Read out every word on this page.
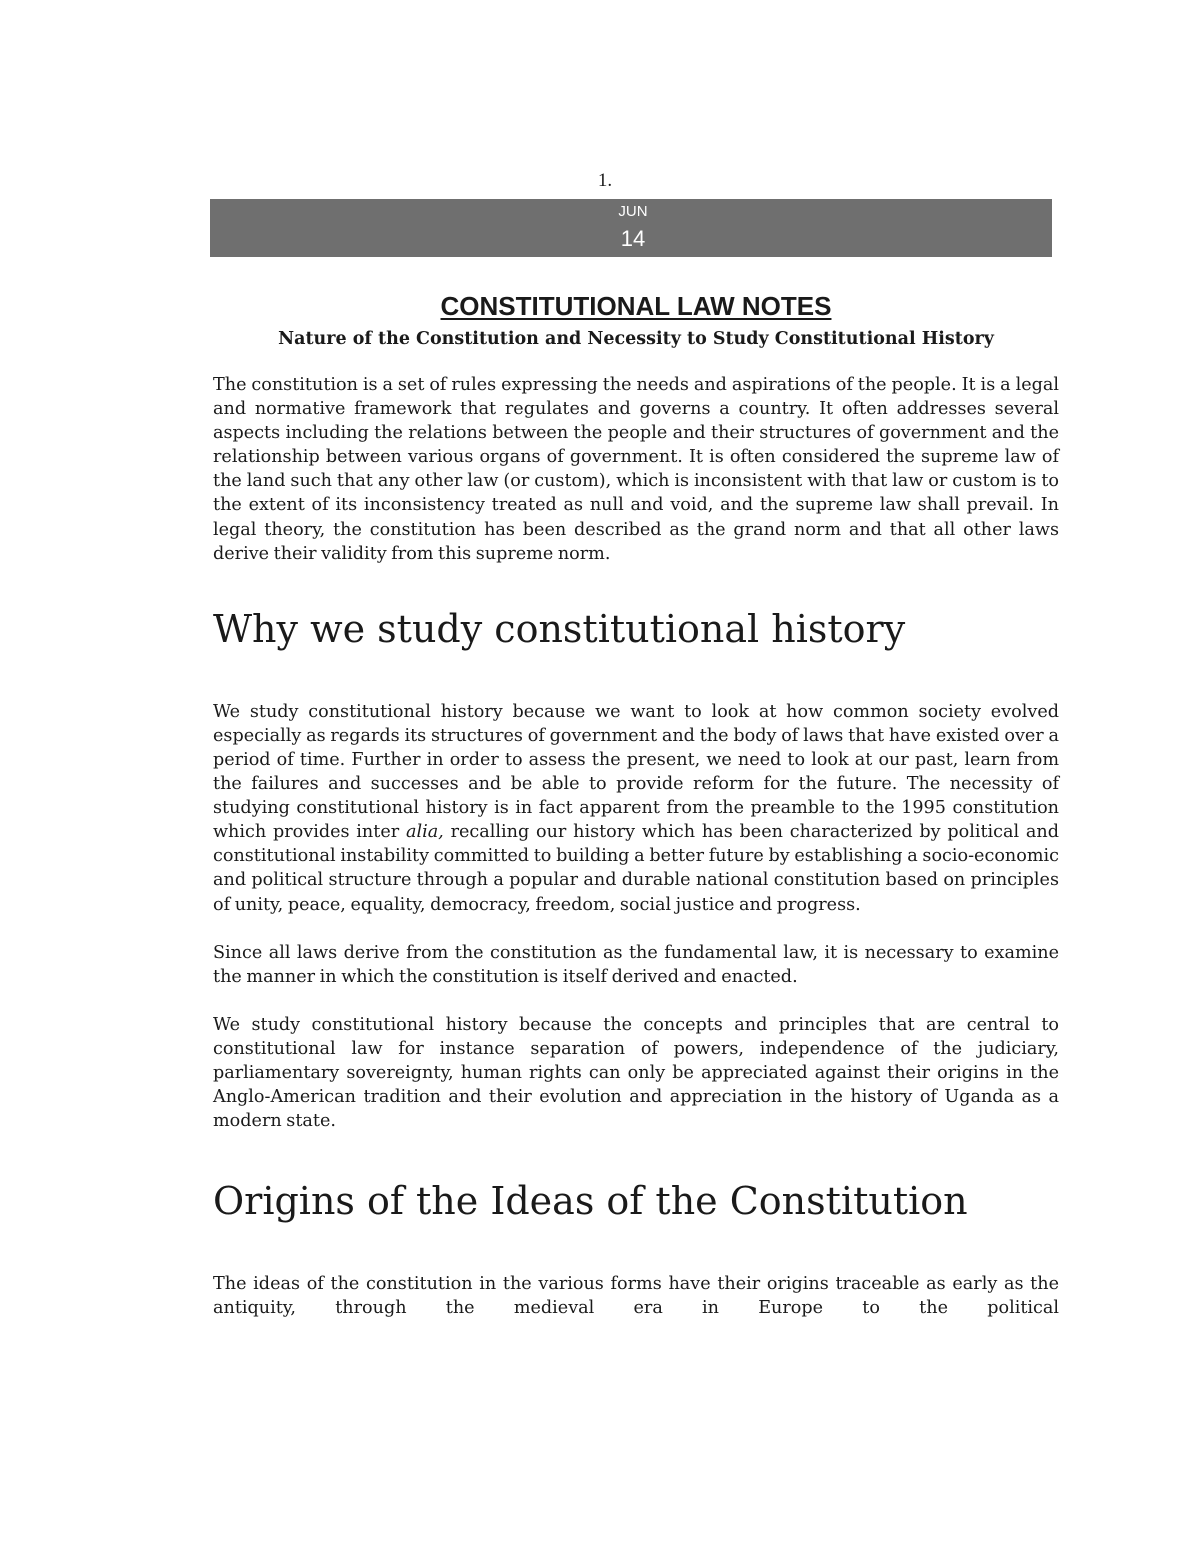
1.
JUN
14
CONSTITUTIONAL LAW NOTES

Nature of the Constitution and Necessity to Study Constitutional History

The constitution is a set of rules expressing the needs and aspirations of the people. It is a legal and normative framework that regulates and governs a country. It often addresses several aspects including the relations between the people and their structures of government and the relationship between various organs of government. It is often considered the supreme law of the land such that any other law (or custom), which is inconsistent with that law or custom is to the extent of its inconsistency treated as null and void, and the supreme law shall prevail. In legal theory, the constitution has been described as the grand norm and that all other laws derive their validity from this supreme norm.

Why we study constitutional history

We study constitutional history because we want to look at how common society evolved especially as regards its structures of government and the body of laws that have existed over a period of time. Further in order to assess the present, we need to look at our past, learn from the failures and successes and be able to provide reform for the future. The necessity of studying constitutional history is in fact apparent from the preamble to the 1995 constitution which provides inter alia, recalling our history which has been characterized by political and constitutional instability committed to building a better future by establishing a socio-economic and political structure through a popular and durable national constitution based on principles of unity, peace, equality, democracy, freedom, social justice and progress.

Since all laws derive from the constitution as the fundamental law, it is necessary to examine the manner in which the constitution is itself derived and enacted.

We study constitutional history because the concepts and principles that are central to constitutional law for instance separation of powers, independence of the judiciary, parliamentary sovereignty, human rights can only be appreciated against their origins in the Anglo-American tradition and their evolution and appreciation in the history of Uganda as a modern state.

Origins of the Ideas of the Constitution

The ideas of the constitution in the various forms have their origins traceable as early as the antiquity, through the medieval era in Europe to the political
